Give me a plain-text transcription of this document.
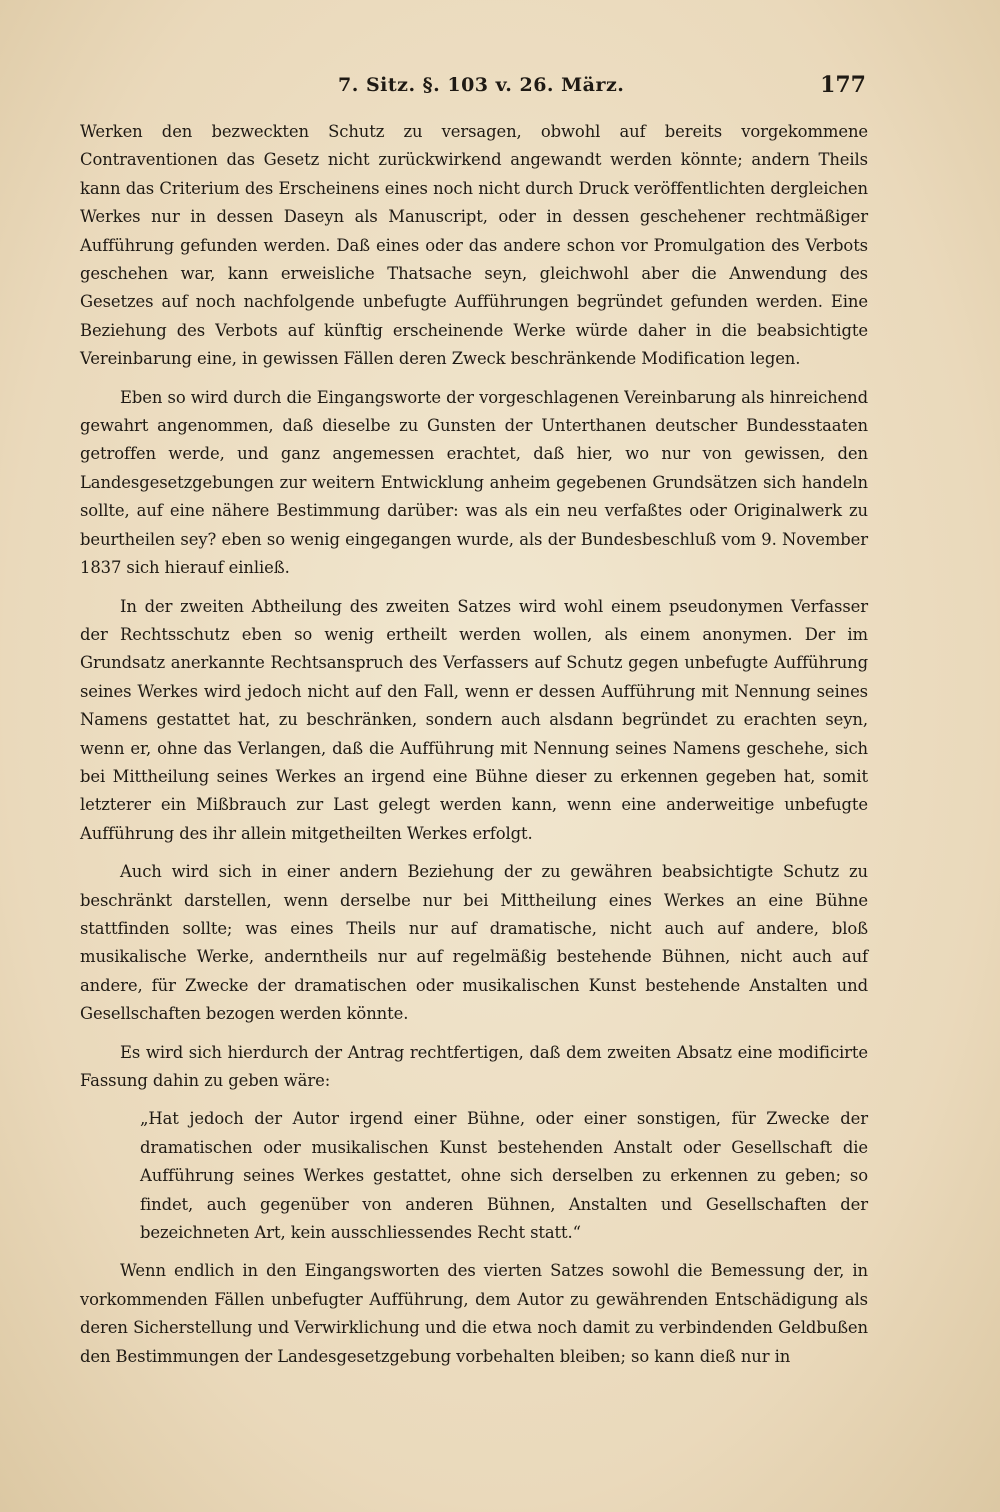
7. Sitz. §. 103 v. 26. März.	177

Werken den bezweckten Schutz zu versagen, obwohl auf bereits vorgekommene Contraventionen das Gesetz nicht zurückwirkend angewandt werden könnte; andern Theils kann das Criterium des Erscheinens eines noch nicht durch Druck veröffentlichten dergleichen Werkes nur in dessen Daseyn als Manuscript, oder in dessen geschehener rechtmäßiger Aufführung gefunden werden. Daß eines oder das andere schon vor Promulgation des Verbots geschehen war, kann erweisliche Thatsache seyn, gleichwohl aber die Anwendung des Gesetzes auf noch nachfolgende unbefugte Aufführungen begründet gefunden werden. Eine Beziehung des Verbots auf künftig erscheinende Werke würde daher in die beabsichtigte Vereinbarung eine, in gewissen Fällen deren Zweck beschränkende Modification legen.

Eben so wird durch die Eingangsworte der vorgeschlagenen Vereinbarung als hinreichend gewahrt angenommen, daß dieselbe zu Gunsten der Unterthanen deutscher Bundesstaaten getroffen werde, und ganz angemessen erachtet, daß hier, wo nur von gewissen, den Landesgesetzgebungen zur weitern Entwicklung anheim gegebenen Grundsätzen sich handeln sollte, auf eine nähere Bestimmung darüber: was als ein neu verfaßtes oder Originalwerk zu beurtheilen sey? eben so wenig eingegangen wurde, als der Bundesbeschluß vom 9. November 1837 sich hierauf einließ.

In der zweiten Abtheilung des zweiten Satzes wird wohl einem pseudonymen Verfasser der Rechtsschutz eben so wenig ertheilt werden wollen, als einem anonymen. Der im Grundsatz anerkannte Rechtsanspruch des Verfassers auf Schutz gegen unbefugte Aufführung seines Werkes wird jedoch nicht auf den Fall, wenn er dessen Aufführung mit Nennung seines Namens gestattet hat, zu beschränken, sondern auch alsdann begründet zu erachten seyn, wenn er, ohne das Verlangen, daß die Aufführung mit Nennung seines Namens geschehe, sich bei Mittheilung seines Werkes an irgend eine Bühne dieser zu erkennen gegeben hat, somit letzterer ein Mißbrauch zur Last gelegt werden kann, wenn eine anderweitige unbefugte Aufführung des ihr allein mitgetheilten Werkes erfolgt.

Auch wird sich in einer andern Beziehung der zu gewähren beabsichtigte Schutz zu beschränkt darstellen, wenn derselbe nur bei Mittheilung eines Werkes an eine Bühne stattfinden sollte; was eines Theils nur auf dramatische, nicht auch auf andere, bloß musikalische Werke, anderntheils nur auf regelmäßig bestehende Bühnen, nicht auch auf andere, für Zwecke der dramatischen oder musikalischen Kunst bestehende Anstalten und Gesellschaften bezogen werden könnte.

Es wird sich hierdurch der Antrag rechtfertigen, daß dem zweiten Absatz eine modificirte Fassung dahin zu geben wäre:

„Hat jedoch der Autor irgend einer Bühne, oder einer sonstigen, für Zwecke der dramatischen oder musikalischen Kunst bestehenden Anstalt oder Gesellschaft die Aufführung seines Werkes gestattet, ohne sich derselben zu erkennen zu geben; so findet, auch gegenüber von anderen Bühnen, Anstalten und Gesellschaften der bezeichneten Art, kein ausschliessendes Recht statt.“

Wenn endlich in den Eingangsworten des vierten Satzes sowohl die Bemessung der, in vorkommenden Fällen unbefugter Aufführung, dem Autor zu gewährenden Entschädigung als deren Sicherstellung und Verwirklichung und die etwa noch damit zu verbindenden Geldbußen den Bestimmungen der Landesgesetzgebung vorbehalten bleiben; so kann dieß nur in
